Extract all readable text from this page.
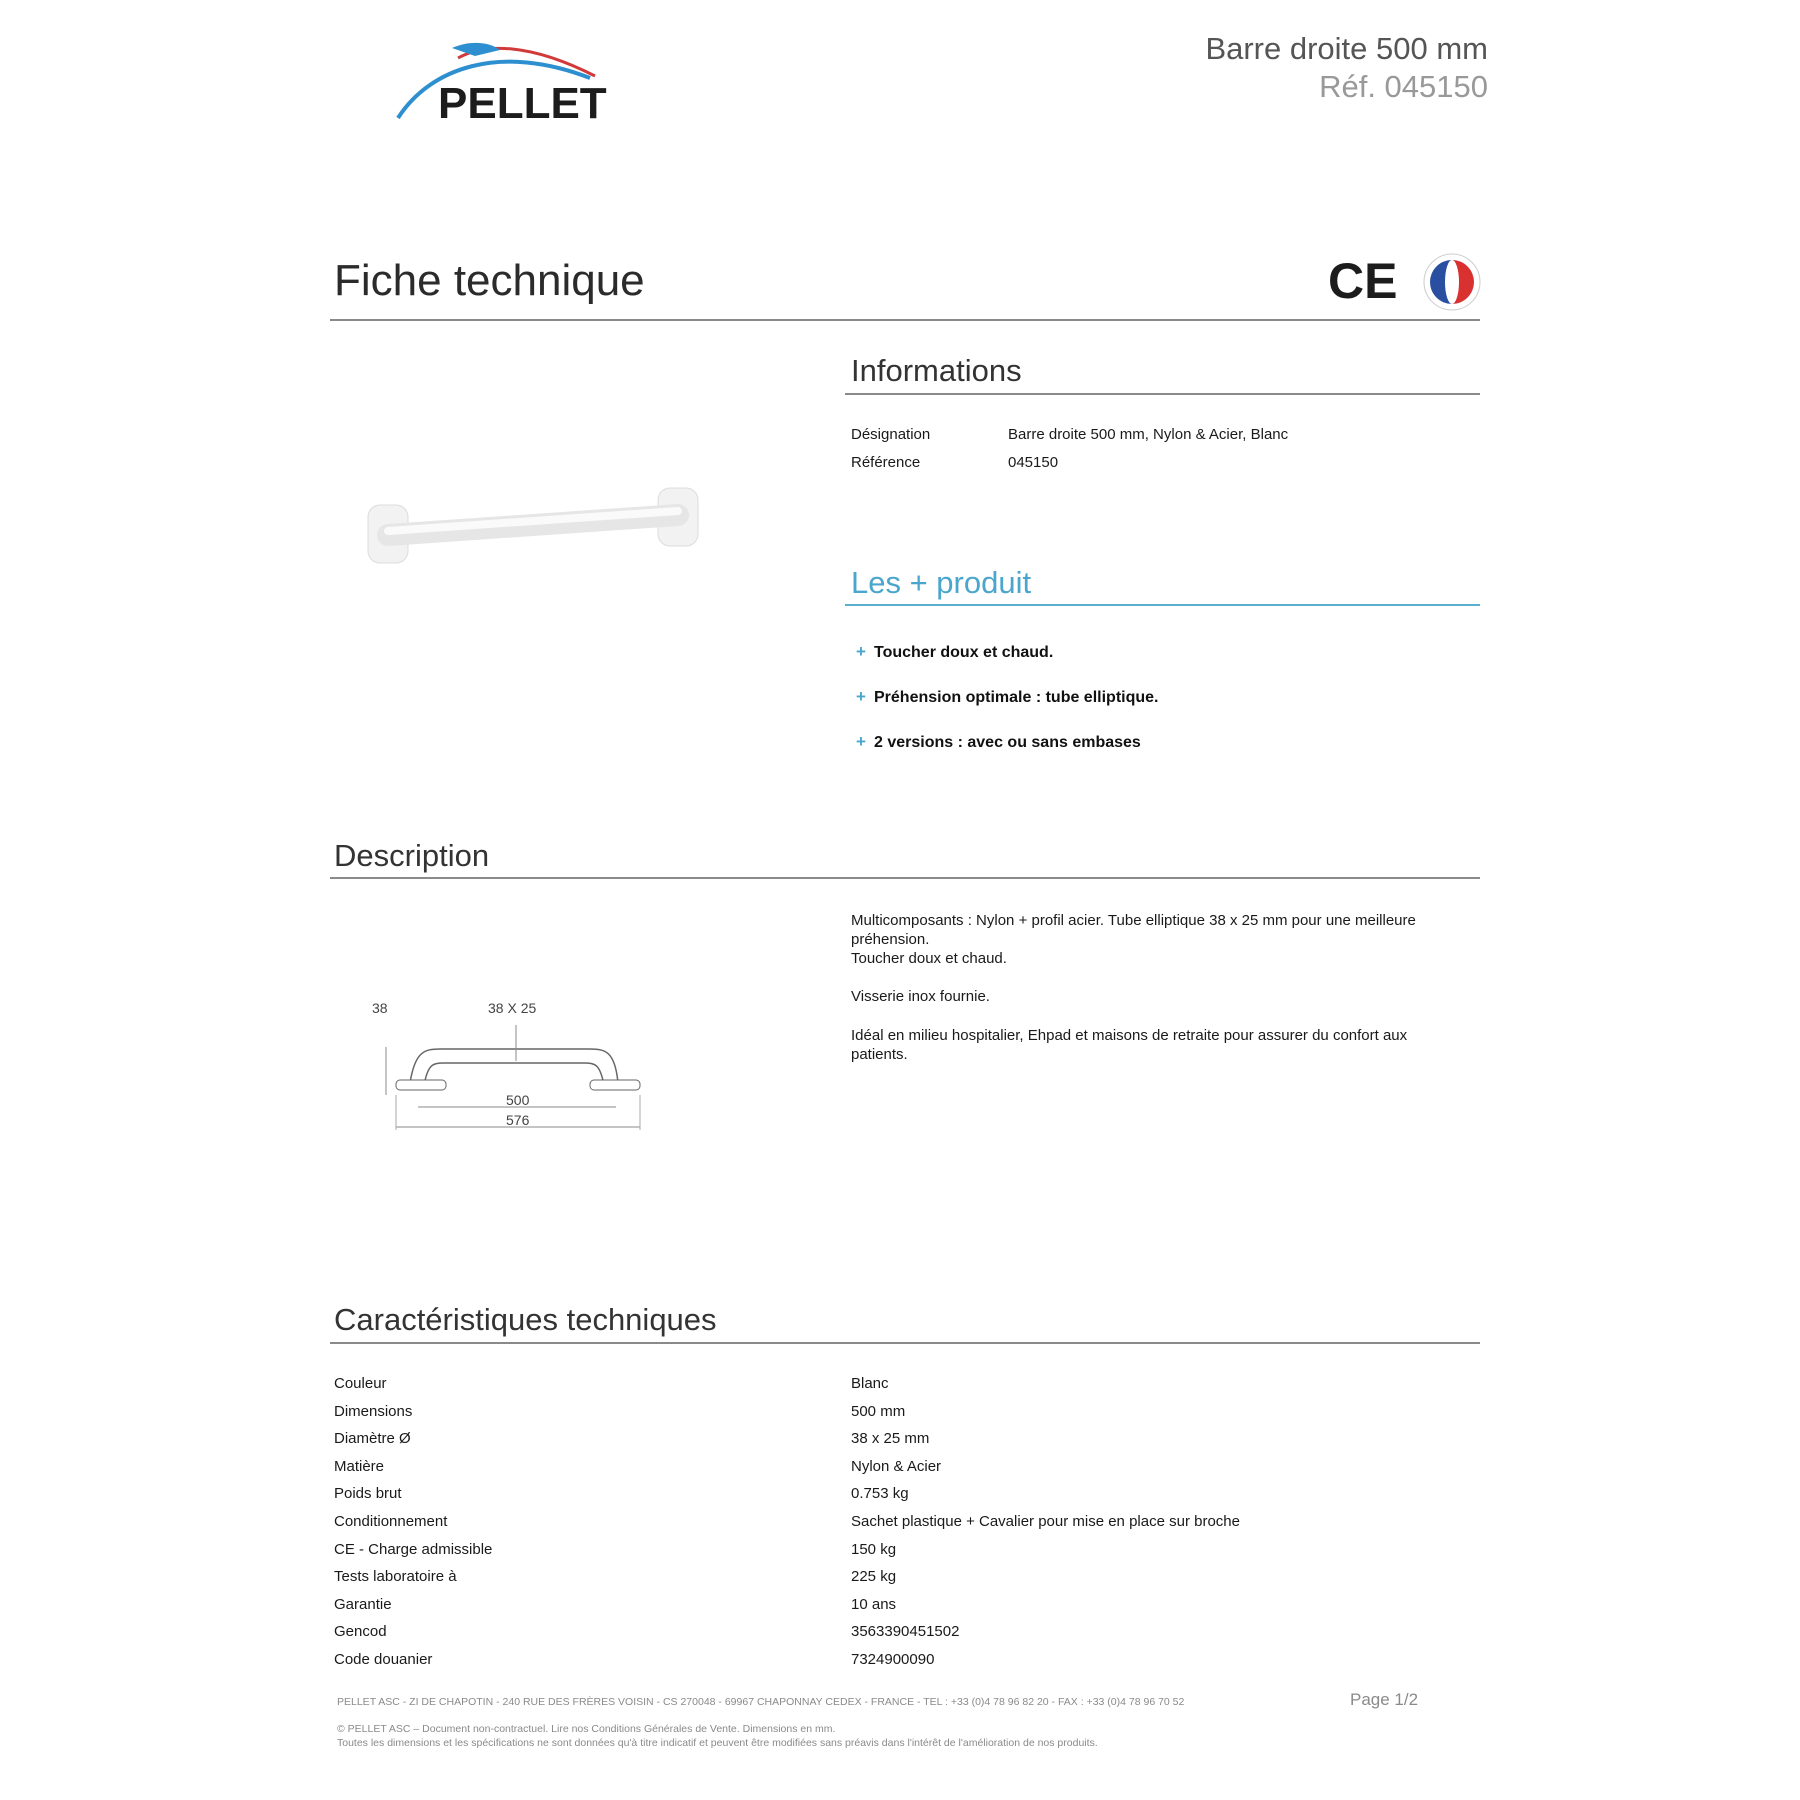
PELLET
Barre droite 500 mm
Réf. 045150
Fiche technique	CE
Informations
Désignation	Barre droite 500 mm, Nylon & Acier, Blanc
Référence	045150
Les + produit
+ Toucher doux et chaud.
+ Préhension optimale : tube elliptique.
+ 2 versions : avec ou sans embases
Description
38	38 X 25
500
576

Multicomposants : Nylon + profil acier. Tube elliptique 38 x 25 mm pour une meilleure préhension.

Toucher doux et chaud.

Visserie inox fournie.

Idéal en milieu hospitalier, Ehpad et maisons de retraite pour assurer du confort aux patients.

Caractéristiques techniques
Couleur	Blanc
Dimensions	500 mm
Diamètre Ø	38 x 25 mm
Matière	Nylon & Acier
Poids brut	0.753 kg
Conditionnement	Sachet plastique + Cavalier pour mise en place sur broche
CE - Charge admissible	150 kg
Tests laboratoire à	225 kg
Garantie	10 ans
Gencod	3563390451502
Code douanier	7324900090
PELLET ASC - ZI DE CHAPOTIN - 240 RUE DES FRÈRES VOISIN - CS 270048 - 69967 CHAPONNAY CEDEX - FRANCE - TEL : +33 (0)4 78 96 82 20 - FAX : +33 (0)4 78 96 70 52	Page 1/2
© PELLET ASC – Document non-contractuel. Lire nos Conditions Générales de Vente. Dimensions en mm.
Toutes les dimensions et les spécifications ne sont données qu'à titre indicatif et peuvent être modifiées sans préavis dans l'intérêt de l'amélioration de nos produits.
